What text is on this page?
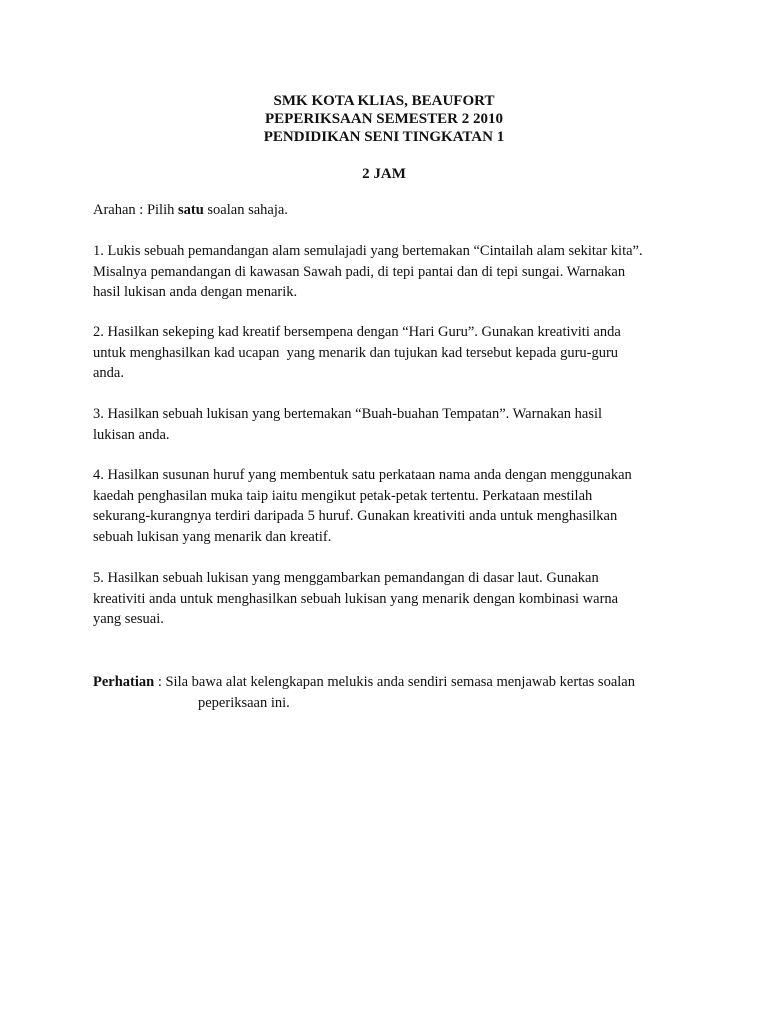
SMK KOTA KLIAS, BEAUFORT
PEPERIKSAAN SEMESTER 2 2010
PENDIDIKAN SENI TINGKATAN 1
2 JAM
Arahan : Pilih satu soalan sahaja.
1. Lukis sebuah pemandangan alam semulajadi yang bertemakan “Cintailah alam sekitar kita”.
Misalnya pemandangan di kawasan Sawah padi, di tepi pantai dan di tepi sungai. Warnakan
hasil lukisan anda dengan menarik.
2. Hasilkan sekeping kad kreatif bersempena dengan “Hari Guru”. Gunakan kreativiti anda
untuk menghasilkan kad ucapan  yang menarik dan tujukan kad tersebut kepada guru-guru
anda.
3. Hasilkan sebuah lukisan yang bertemakan “Buah-buahan Tempatan”. Warnakan hasil
lukisan anda.
4. Hasilkan susunan huruf yang membentuk satu perkataan nama anda dengan menggunakan
kaedah penghasilan muka taip iaitu mengikut petak-petak tertentu. Perkataan mestilah
sekurang-kurangnya terdiri daripada 5 huruf. Gunakan kreativiti anda untuk menghasilkan
sebuah lukisan yang menarik dan kreatif.
5. Hasilkan sebuah lukisan yang menggambarkan pemandangan di dasar laut. Gunakan
kreativiti anda untuk menghasilkan sebuah lukisan yang menarik dengan kombinasi warna
yang sesuai.
Perhatian : Sila bawa alat kelengkapan melukis anda sendiri semasa menjawab kertas soalan
peperiksaan ini.
